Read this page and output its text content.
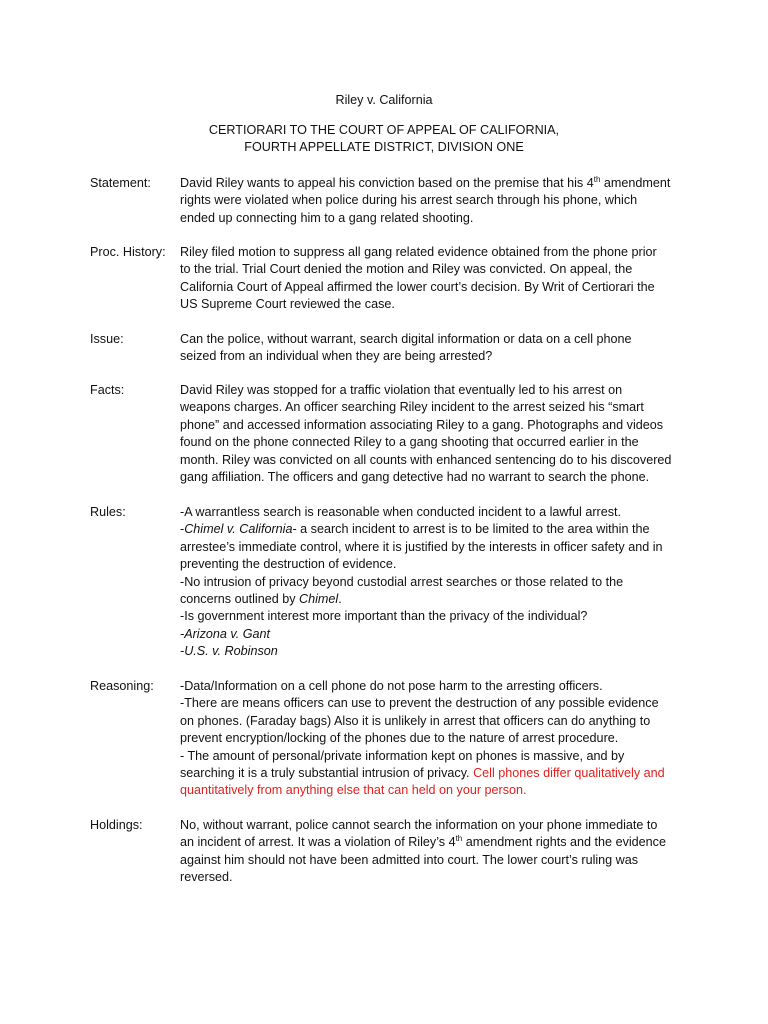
Riley v. California
CERTIORARI TO THE COURT OF APPEAL OF CALIFORNIA,
FOURTH APPELLATE DISTRICT, DIVISION ONE
Statement:	David Riley wants to appeal his conviction based on the premise that his 4th amendment
rights were violated when police during his arrest search through his phone, which
ended up connecting him to a gang related shooting.
Proc. History:	Riley filed motion to suppress all gang related evidence obtained from the phone prior
to the trial. Trial Court denied the motion and Riley was convicted. On appeal, the
California Court of Appeal affirmed the lower court’s decision. By Writ of Certiorari the
US Supreme Court reviewed the case.
Issue:	Can the police, without warrant, search digital information or data on a cell phone
seized from an individual when they are being arrested?
Facts:	David Riley was stopped for a traffic violation that eventually led to his arrest on
weapons charges. An officer searching Riley incident to the arrest seized his “smart
phone” and accessed information associating Riley to a gang. Photographs and videos
found on the phone connected Riley to a gang shooting that occurred earlier in the
month. Riley was convicted on all counts with enhanced sentencing do to his discovered
gang affiliation. The officers and gang detective had no warrant to search the phone.
Rules:	-A warrantless search is reasonable when conducted incident to a lawful arrest.
-Chimel v. California- a search incident to arrest is to be limited to the area within the
arrestee’s immediate control, where it is justified by the interests in officer safety and in
preventing the destruction of evidence.
-No intrusion of privacy beyond custodial arrest searches or those related to the
concerns outlined by Chimel.
-Is government interest more important than the privacy of the individual?
-Arizona v. Gant
-U.S. v. Robinson
Reasoning:	-Data/Information on a cell phone do not pose harm to the arresting officers.
-There are means officers can use to prevent the destruction of any possible evidence
on phones. (Faraday bags) Also it is unlikely in arrest that officers can do anything to
prevent encryption/locking of the phones due to the nature of arrest procedure.
- The amount of personal/private information kept on phones is massive, and by
searching it is a truly substantial intrusion of privacy. Cell phones differ qualitatively and
quantitatively from anything else that can held on your person.
Holdings:	No, without warrant, police cannot search the information on your phone immediate to
an incident of arrest. It was a violation of Riley’s 4th amendment rights and the evidence
against him should not have been admitted into court. The lower court’s ruling was
reversed.
